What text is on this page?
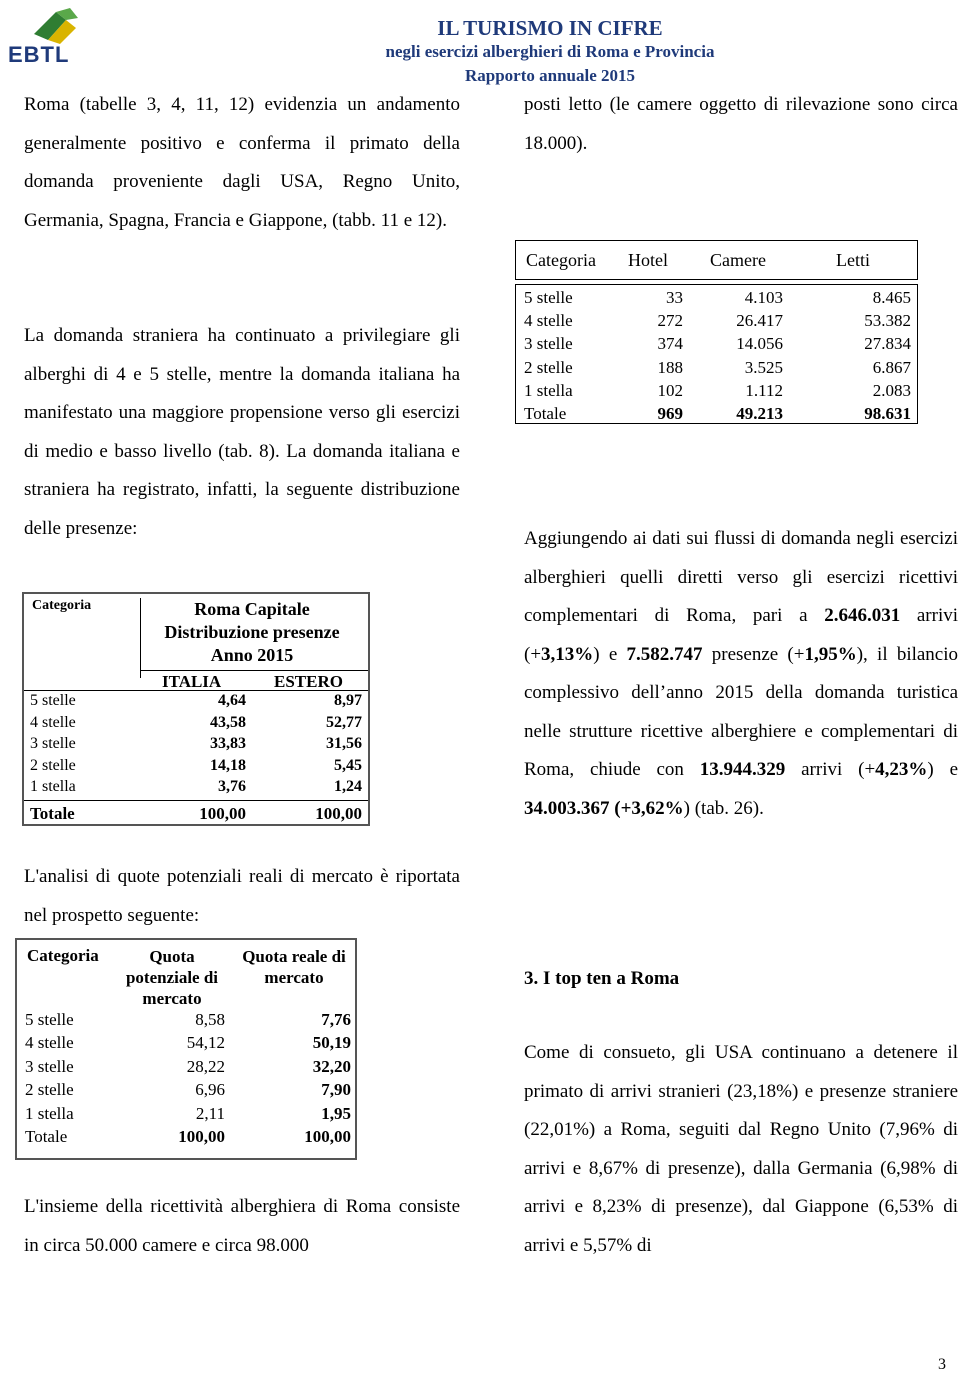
EBTL
IL TURISMO IN CIFRE
negli esercizi alberghieri di Roma e Provincia
Rapporto annuale 2015
Roma (tabelle 3, 4, 11, 12) evidenzia un andamento generalmente positivo e conferma il primato della domanda proveniente dagli USA, Regno Unito, Germania, Spagna, Francia e Giappone, (tabb. 11 e 12).
La domanda straniera ha continuato a privilegiare gli alberghi di 4 e 5 stelle, mentre la domanda italiana ha manifestato una maggiore propensione verso gli esercizi di medio e basso livello (tab. 8). La domanda italiana e straniera ha registrato, infatti, la seguente distribuzione delle presenze:
Categoria	Roma Capitale
Distribuzione presenze
Anno 2015
ITALIA	ESTERO
5 stelle	4,64	8,97
4 stelle	43,58	52,77
3 stelle	33,83	31,56
2 stelle	14,18	5,45
1 stella	3,76	1,24
Totale	100,00	100,00
L'analisi di quote potenziali reali di mercato è riportata nel prospetto seguente:
Categoria	Quota potenziale di mercato
Quota reale di mercato
5 stelle	8,58	7,76
4 stelle	54,12	50,19
3 stelle	28,22	32,20
2 stelle	6,96	7,90
1 stella	2,11	1,95
Totale	100,00	100,00
L'insieme della ricettività alberghiera di Roma consiste in circa 50.000 camere e circa 98.000
posti letto (le camere oggetto di rilevazione sono circa 18.000).
Categoria Hotel Camere	Letti
5 stelle	33	4.103	8.465
4 stelle	272	26.417	53.382
3 stelle	374	14.056	27.834
2 stelle	188	3.525	6.867
1 stella	102	1.112	2.083
Totale	969	49.213	98.631
Aggiungendo ai dati sui flussi di domanda negli esercizi alberghieri quelli diretti verso gli esercizi ricettivi complementari di Roma, pari a 2.646.031 arrivi (+3,13%) e 7.582.747 presenze (+1,95%), il bilancio complessivo dell’anno 2015 della domanda turistica nelle strutture ricettive alberghiere e complementari di Roma, chiude con 13.944.329 arrivi (+4,23%) e 34.003.367 (+3,62%) (tab. 26).
3. I top ten a Roma
Come di consueto, gli USA continuano a detenere il primato di arrivi stranieri (23,18%) e presenze straniere (22,01%) a Roma, seguiti dal Regno Unito (7,96% di arrivi e 8,67% di presenze), dalla Germania (6,98% di arrivi e 8,23% di presenze), dal Giappone (6,53% di arrivi e 5,57% di
3
